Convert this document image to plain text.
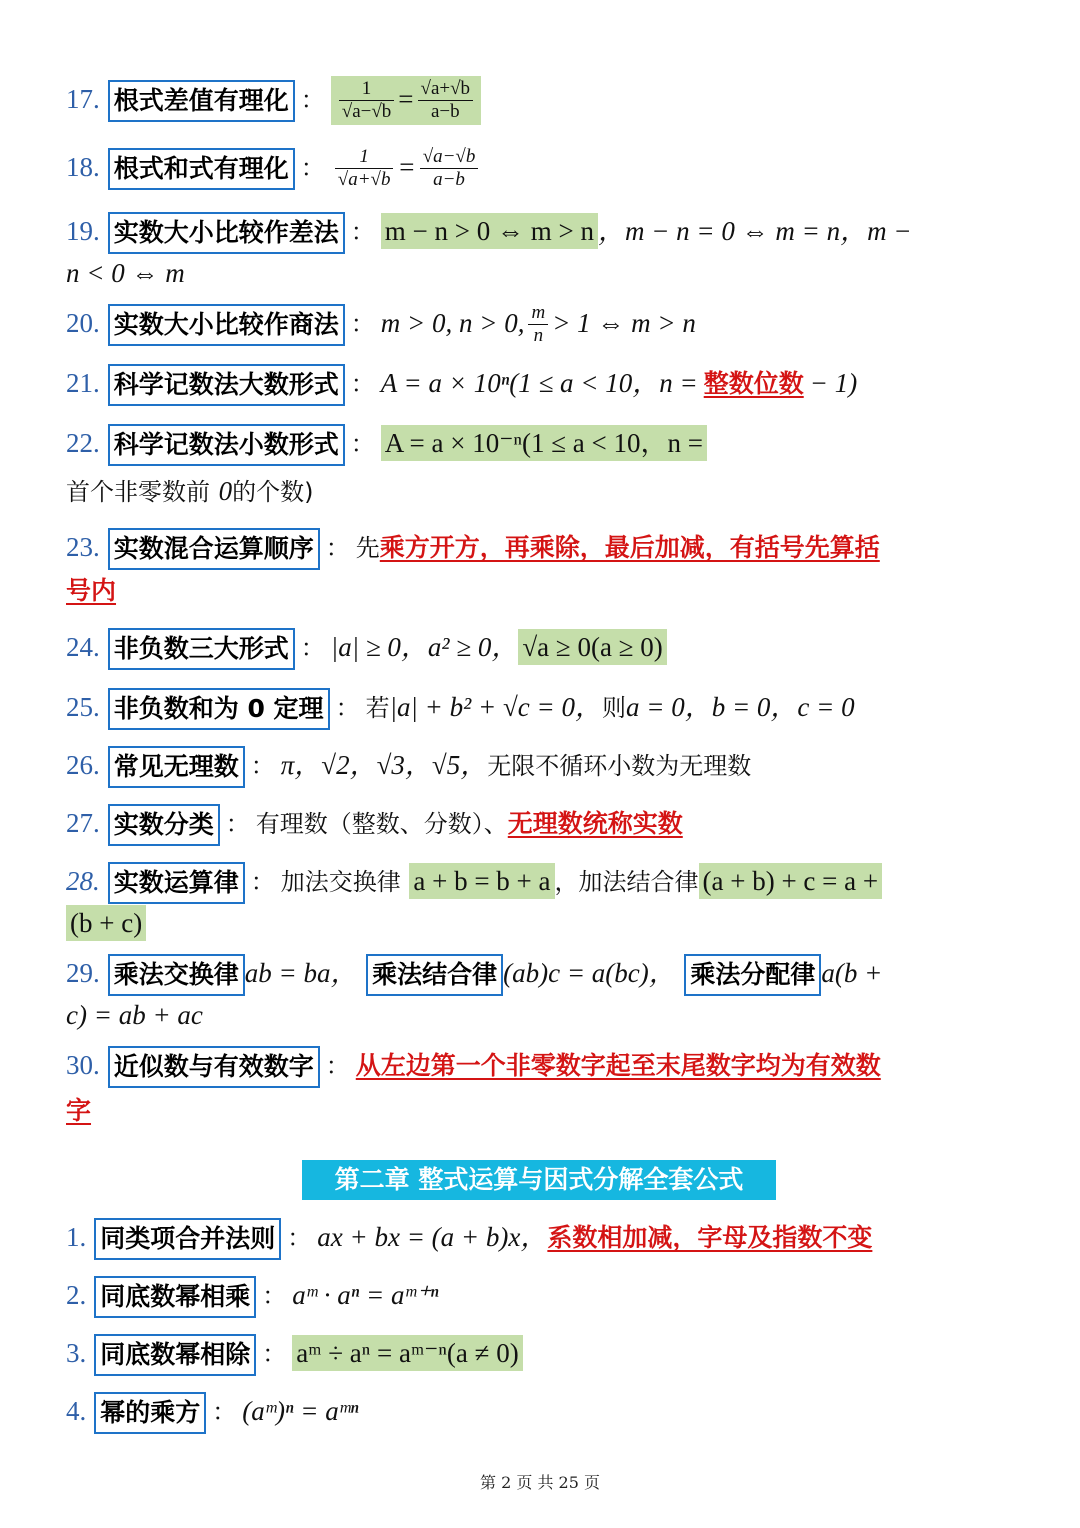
17. 根式差值有理化 ： $\frac{1}{√a-√b} = \frac{√a+√b}{a-b}$
18. 根式和式有理化 ： $\frac{1}{√a+√b} = \frac{√a-√b}{a-b}$
19. 实数大小比较作差法 ： m − n > 0 ⇔ m > n ，m − n = 0 ⇔ m = n，m −
n < 0 ⇔ m
20. 实数大小比较作商法 ： m > 0, n > 0, $\frac{m}{n} > 1$ ⇔ m > n
21. 科学记数法大数形式 ： A = a × 10ⁿ(1 ≤ a < 10，n = 整数位数 − 1)
22. 科学记数法小数形式 ： A = a × 10⁻ⁿ(1 ≤ a < 10，n =
首个非零数前 0的个数)
23. 实数混合运算顺序 ： 先乘方开方，再乘除，最后加减，有括号先算括
号内
24. 非负数三大形式 ： |a| ≥ 0，a² ≥ 0， √a ≥ 0(a ≥ 0)
25. 非负数和为 0 定理 ： 若|a| + b² + √c = 0，则a = 0，b = 0，c = 0
26. 常见无理数 ： π，√2，√3，√5，无限不循环小数为无理数
27. 实数分类 ： 有理数（整数、分数）、无理数统称实数
28. 实数运算律 ： 加法交换律 a + b = b + a ，加法结合律 (a + b) + c = a +
(b + c)
29. 乘法交换律 ab = ba， 乘法结合律 (ab)c = a(bc)， 乘法分配律 a(b +
c) = ab + ac
30. 近似数与有效数字 ： 从左边第一个非零数字起至末尾数字均为有效数
字
第二章 整式运算与因式分解全套公式
1. 同类项合并法则 ： ax + bx = (a + b)x，系数相加减，字母及指数不变
2. 同底数幂相乘 ： aᵐ · aⁿ = aᵐ⁺ⁿ
3. 同底数幂相除 ： aᵐ ÷ aⁿ = aᵐ⁻ⁿ(a ≠ 0)
4. 幂的乘方 ： (aᵐ)ⁿ = aᵐⁿ
第 2 页 共 25 页
